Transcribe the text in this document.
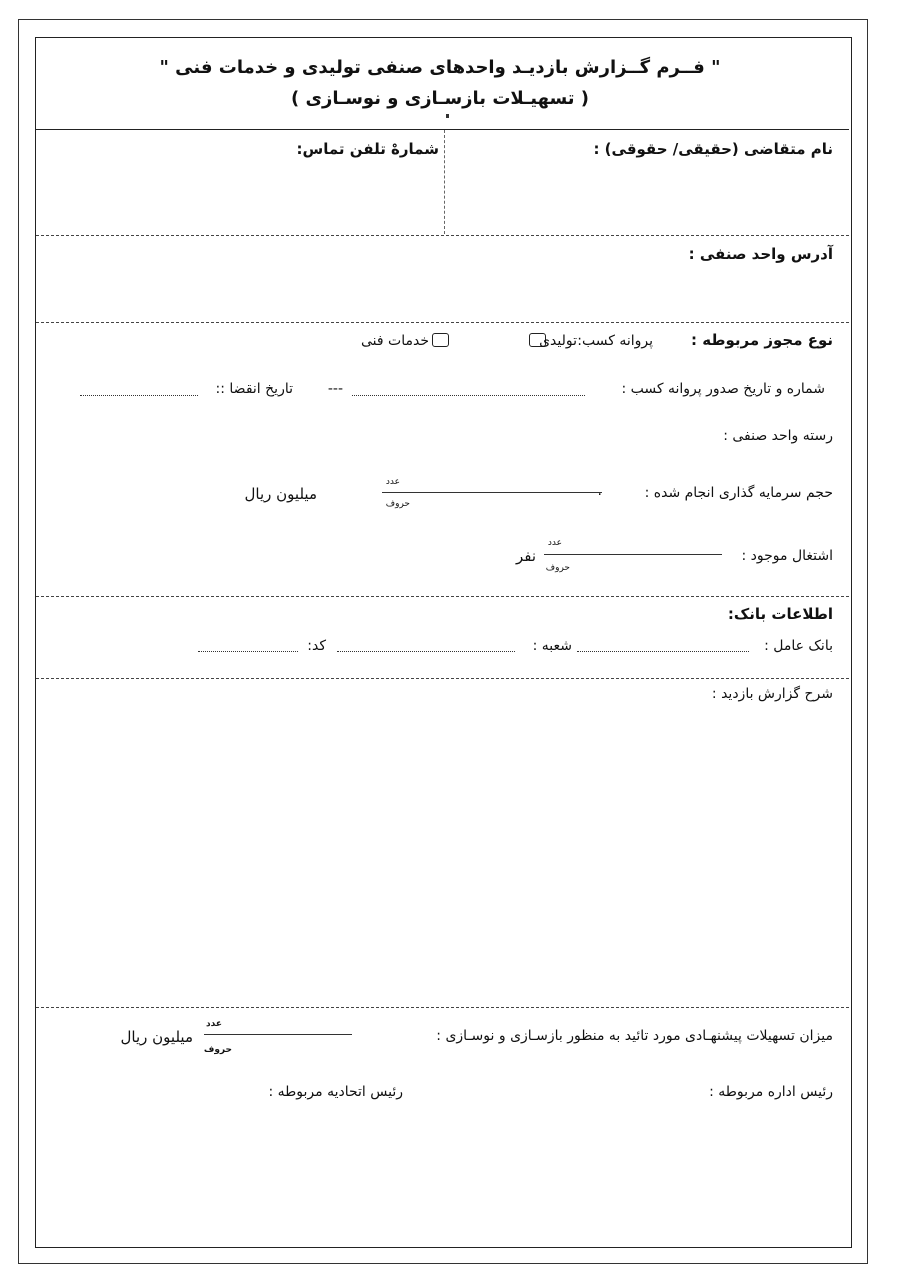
" فــرم گــزارش بازدیـد واحدهای صنفی تولیدی و خدمات فنی "
( تسهیـلات بازسـازی و نوسـازی )
نام متقاضی (حقیقی/ حقوقی) :
شمارهْ تلفن تماس:
آدرس واحد صنفی :
نوع مجوز مربوطه :
پروانه کسب:
تولیدی
خدمات فنی
شماره و تاریخ صدور پروانه کسب :
---
تاریخ انقضا ::
رسته واحد صنفی :
حجم سرمایه گذاری انجام شده :
.
عدد
حروف
میلیون ریال
اشتغال موجود :
عدد
حروف
نفر
اطلاعات بانک:
بانک عامل :
شعبه :
کد:
شرح گزارش بازدید :
میزان تسهیلات پیشنهـادی مورد تائید به منظور بازسـازی و نوسـازی :
عدد
حروف
میلیون ریال
رئیس اداره مربوطه :
رئیس اتحادیه مربوطه :
